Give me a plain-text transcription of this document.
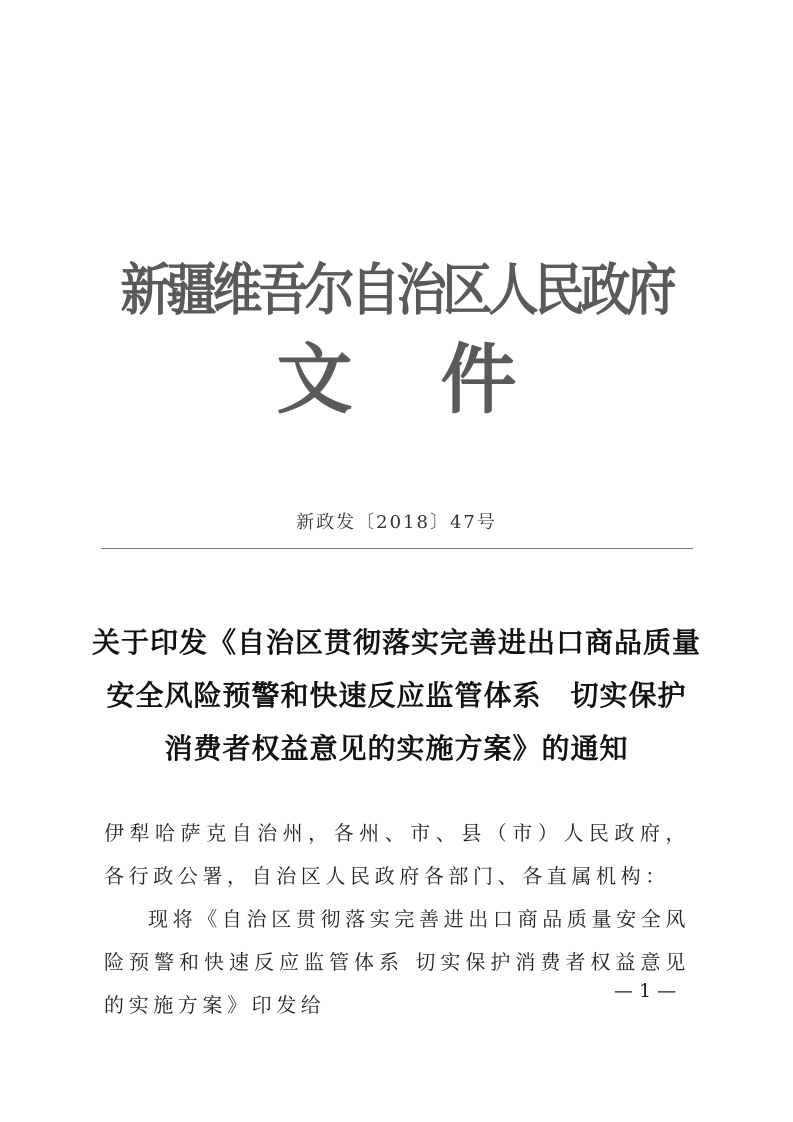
新疆维吾尔自治区人民政府
文 件
新政发〔2018〕47号
关于印发《自治区贯彻落实完善进出口商品质量
安全风险预警和快速反应监管体系　切实保护
消费者权益意见的实施方案》的通知

伊犁哈萨克自治州，各州、市、县（市）人民政府，各行政公署，自治区人民政府各部门、各直属机构：

现将《自治区贯彻落实完善进出口商品质量安全风险预警和快速反应监管体系 切实保护消费者权益意见的实施方案》印发给

— 1 —
